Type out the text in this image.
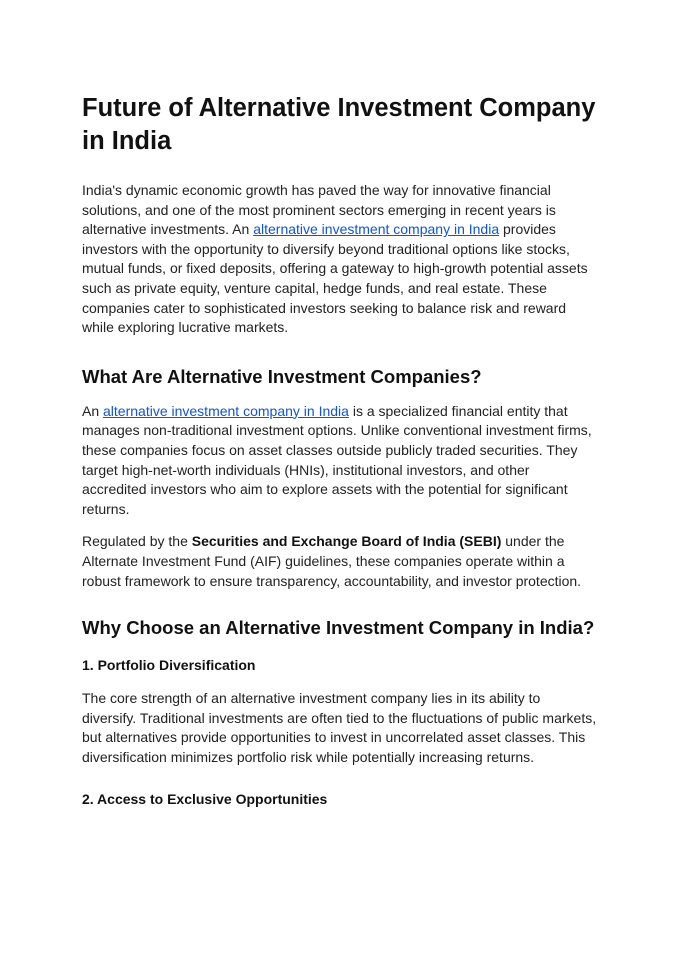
Future of Alternative Investment Company in India

India's dynamic economic growth has paved the way for innovative financial solutions, and one of the most prominent sectors emerging in recent years is alternative investments. An alternative investment company in India provides investors with the opportunity to diversify beyond traditional options like stocks, mutual funds, or fixed deposits, offering a gateway to high-growth potential assets such as private equity, venture capital, hedge funds, and real estate. These companies cater to sophisticated investors seeking to balance risk and reward while exploring lucrative markets.

What Are Alternative Investment Companies?

An alternative investment company in India is a specialized financial entity that manages non-traditional investment options. Unlike conventional investment firms, these companies focus on asset classes outside publicly traded securities. They target high-net-worth individuals (HNIs), institutional investors, and other accredited investors who aim to explore assets with the potential for significant returns.

Regulated by the Securities and Exchange Board of India (SEBI) under the Alternate Investment Fund (AIF) guidelines, these companies operate within a robust framework to ensure transparency, accountability, and investor protection.

Why Choose an Alternative Investment Company in India?
1. Portfolio Diversification

The core strength of an alternative investment company lies in its ability to diversify. Traditional investments are often tied to the fluctuations of public markets, but alternatives provide opportunities to invest in uncorrelated asset classes. This diversification minimizes portfolio risk while potentially increasing returns.

2. Access to Exclusive Opportunities
